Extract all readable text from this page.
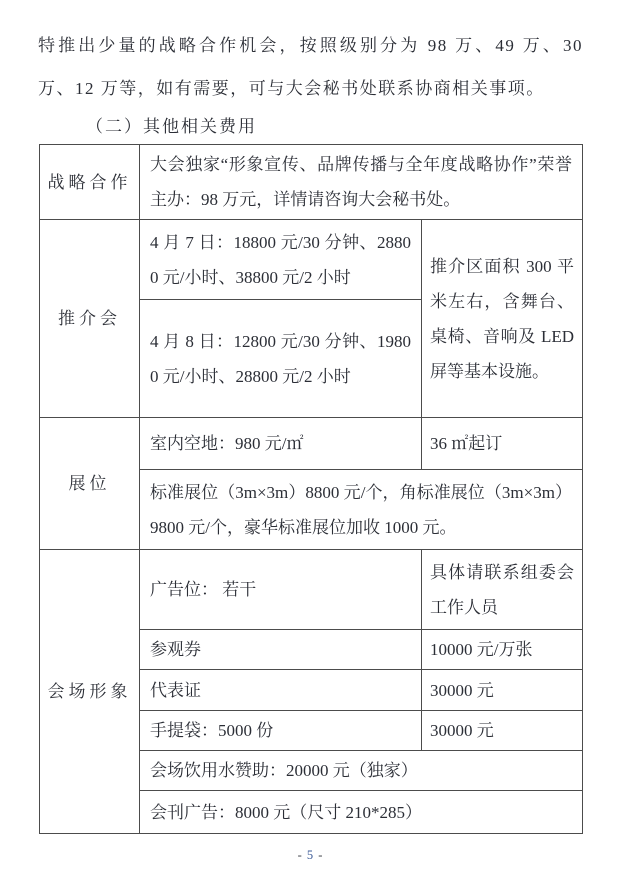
特推出少量的战略合作机会，按照级别分为 98 万、49 万、30 万、12 万等，如有需要，可与大会秘书处联系协商相关事项。

（二）其他相关费用

战略合作	大会独家“形象宣传、品牌传播与全年度战略协作”荣誉主办：98 万元，详情请咨询大会秘书处。	
推介会	4 月 7 日：18800 元/30 分钟、28800 元/小时、38800 元/2 小时	推介区面积 300 平米左右，含舞台、桌椅、音响及 LED 屏等基本设施。
	4 月 8 日：12800 元/30 分钟、19800 元/小时、28800 元/2 小时	
展位	室内空地：980 元/㎡	36 ㎡起订
	标准展位（3m×3m）8800 元/个，角标准展位（3m×3m）9800 元/个，豪华标准展位加收 1000 元。	
会场形象	广告位： 若干	具体请联系组委会工作人员
	参观券	10000 元/万张
	代表证	30000 元
	手提袋：5000 份	30000 元
	会场饮用水赞助：20000 元（独家）	
	会刊广告：8000 元（尺寸 210*285）	
- 5 -
